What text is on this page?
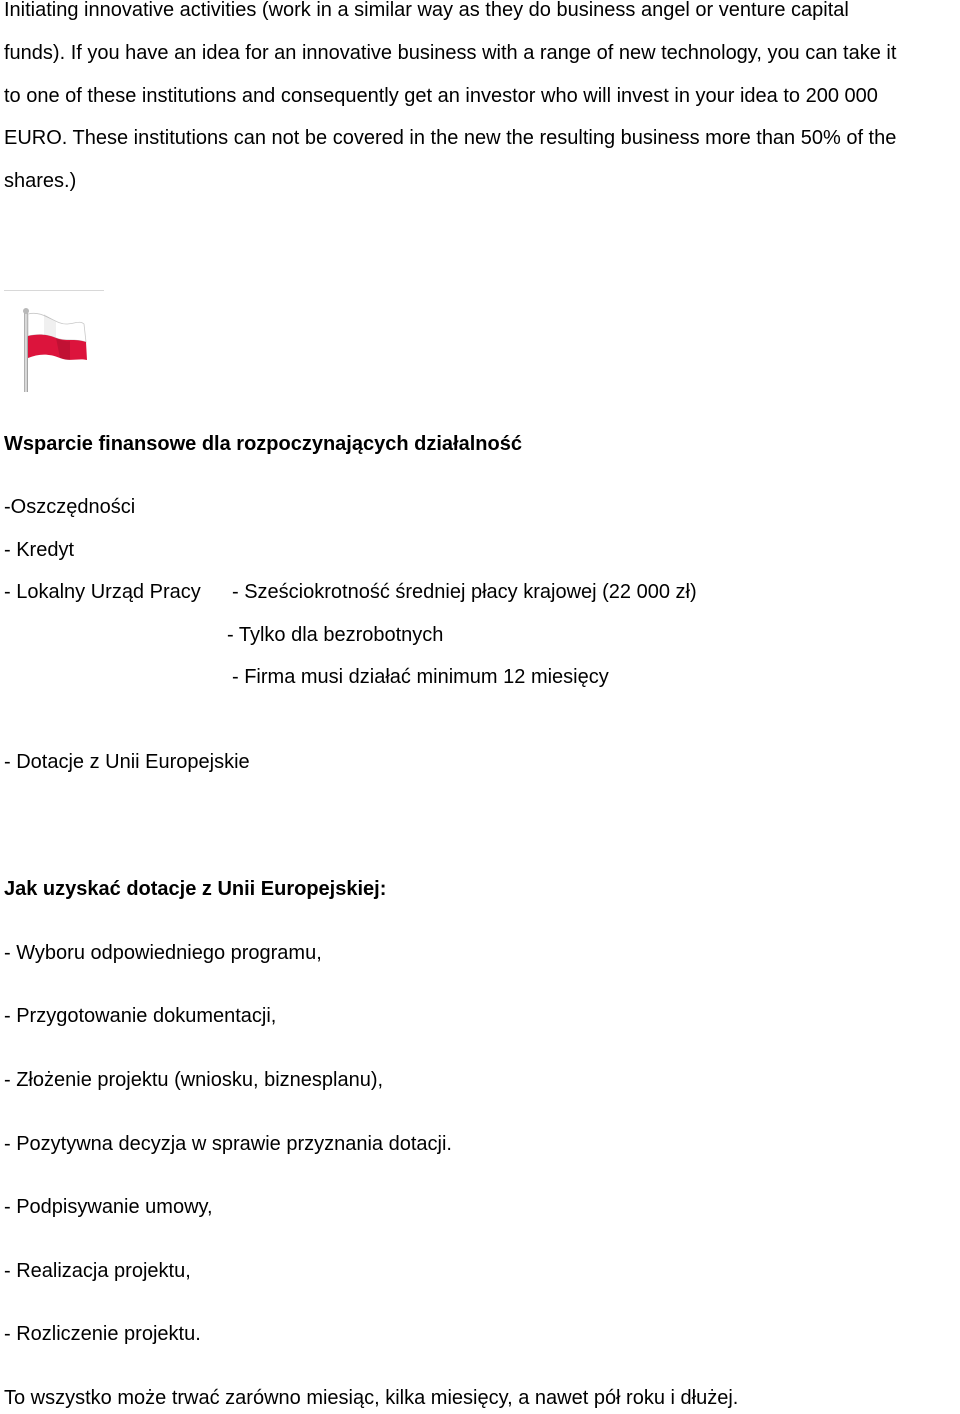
Initiating innovative activities (work in a similar way as they do business angel or venture capital
funds). If you have an idea for an innovative business with a range of new technology, you can take it
to one of these institutions and consequently get an investor who will invest in your idea to 200 000
EURO. These institutions can not be covered in the new the resulting business more than 50% of the
shares.)
Wsparcie finansowe dla rozpoczynających działalność
-Oszczędności
- Kredyt
- Lokalny Urząd Pracy - Sześciokrotność średniej płacy krajowej (22 000 zł)
- Tylko dla bezrobotnych
- Firma musi działać minimum 12 miesięcy
- Dotacje z Unii Europejskie
Jak uzyskać dotacje z Unii Europejskiej:
- Wyboru odpowiedniego programu,
- Przygotowanie dokumentacji,
- Złożenie projektu (wniosku, biznesplanu),
- Pozytywna decyzja w sprawie przyznania dotacji.
- Podpisywanie umowy,
- Realizacja projektu,
- Rozliczenie projektu.
To wszystko może trwać zarówno miesiąc, kilka miesięcy, a nawet pół roku i dłużej.
